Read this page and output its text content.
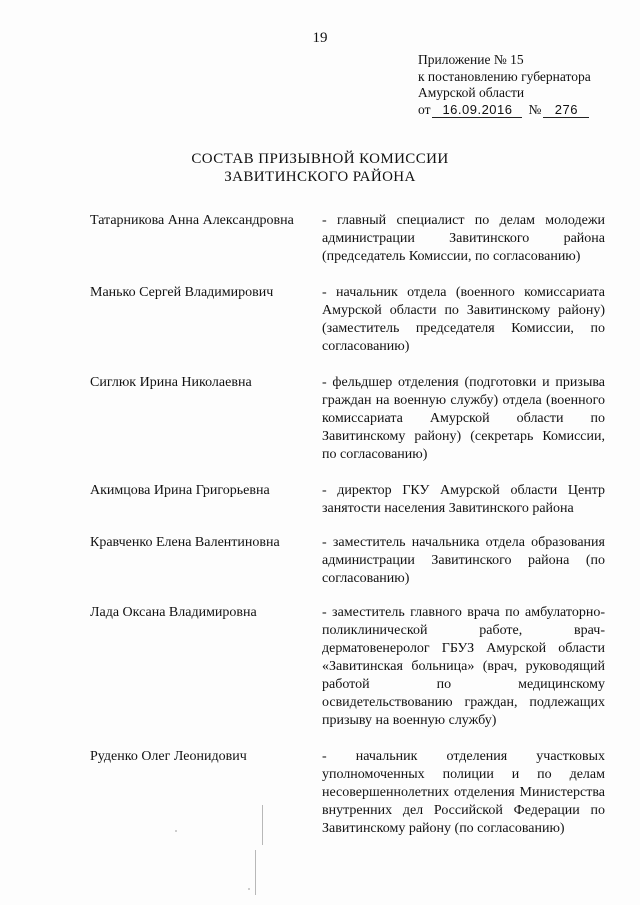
19
Приложение № 15
к постановлению губернатора
Амурской области
от 16.09.2016	№	276
СОСТАВ ПРИЗЫВНОЙ КОМИССИИ
ЗАВИТИНСКОГО РАЙОНА
Татарникова Анна Александровна	- главный специалист по делам молодежи администрации Завитинского района (председатель Комиссии, по согласованию)
Манько Сергей Владимирович	- начальник отдела (военного комиссариата Амурской области по Завитинскому району) (заместитель председателя Комиссии, по согласованию)
Сиглюк Ирина Николаевна	- фельдшер отделения (подготовки и призыва граждан на военную службу) отдела (военного комиссариата Амурской области по Завитинскому району) (секретарь Комиссии, по согласованию)
Акимцова Ирина Григорьевна	- директор ГКУ Амурской области Центр занятости населения Завитинского района
Кравченко Елена Валентиновна	- заместитель начальника отдела образования администрации Завитинского района (по согласованию)
Лада Оксана Владимировна	- заместитель главного врача по амбулаторно-поликлинической работе, врач-дерматовенеролог ГБУЗ Амурской области «Завитинская больница» (врач, руководящий работой по медицинскому освидетельствованию граждан, подлежащих призыву на военную службу)
Руденко Олег Леонидович	- начальник отделения участковых уполномоченных полиции и по делам несовершеннолетних отделения Министерства внутренних дел Российской Федерации по Завитинскому району (по согласованию)
